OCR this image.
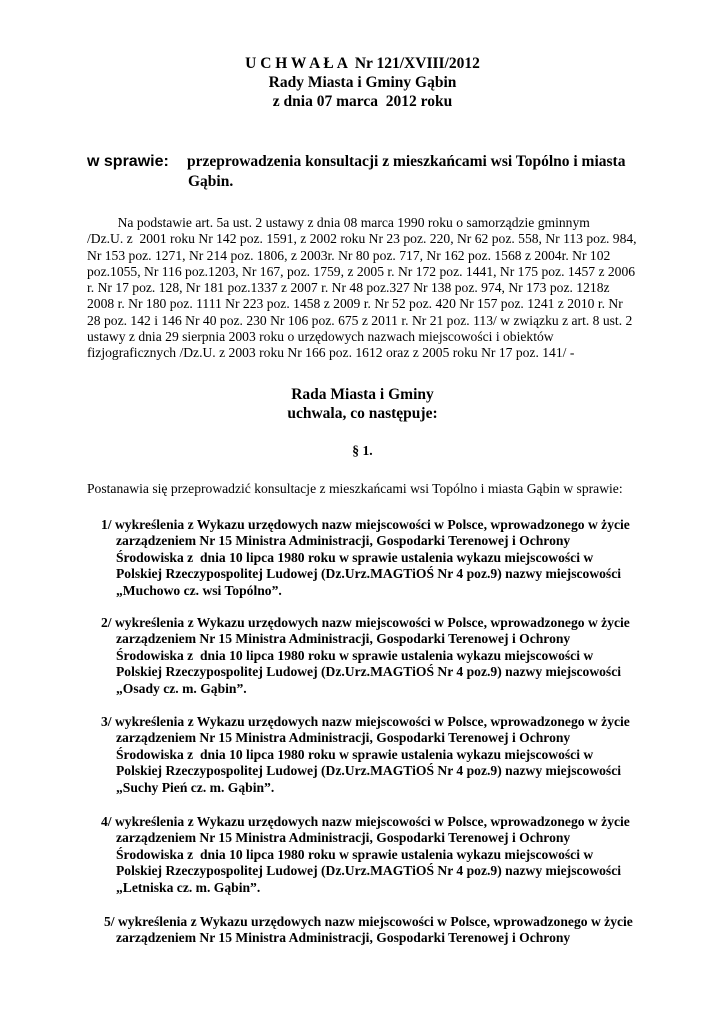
U C H W A Ł A  Nr 121/XVIII/2012
Rady Miasta i Gminy Gąbin
z dnia 07 marca  2012 roku
w sprawie: przeprowadzenia konsultacji z mieszkańcami wsi Topólno i miasta
Gąbin.
Na podstawie art. 5a ust. 2 ustawy z dnia 08 marca 1990 roku o samorządzie gminnym
/Dz.U. z  2001 roku Nr 142 poz. 1591, z 2002 roku Nr 23 poz. 220, Nr 62 poz. 558, Nr 113 poz. 984,
Nr 153 poz. 1271, Nr 214 poz. 1806, z 2003r. Nr 80 poz. 717, Nr 162 poz. 1568 z 2004r. Nr 102
poz.1055, Nr 116 poz.1203, Nr 167, poz. 1759, z 2005 r. Nr 172 poz. 1441, Nr 175 poz. 1457 z 2006
r. Nr 17 poz. 128, Nr 181 poz.1337 z 2007 r. Nr 48 poz.327 Nr 138 poz. 974, Nr 173 poz. 1218z
2008 r. Nr 180 poz. 1111 Nr 223 poz. 1458 z 2009 r. Nr 52 poz. 420 Nr 157 poz. 1241 z 2010 r. Nr
28 poz. 142 i 146 Nr 40 poz. 230 Nr 106 poz. 675 z 2011 r. Nr 21 poz. 113/ w związku z art. 8 ust. 2
ustawy z dnia 29 sierpnia 2003 roku o urzędowych nazwach miejscowości i obiektów
fizjograficznych /Dz.U. z 2003 roku Nr 166 poz. 1612 oraz z 2005 roku Nr 17 poz. 141/ -
Rada Miasta i Gminy
uchwala, co następuje:
§ 1.
Postanawia się przeprowadzić konsultacje z mieszkańcami wsi Topólno i miasta Gąbin w sprawie:
1/ wykreślenia z Wykazu urzędowych nazw miejscowości w Polsce, wprowadzonego w życie
zarządzeniem Nr 15 Ministra Administracji, Gospodarki Terenowej i Ochrony
Środowiska z  dnia 10 lipca 1980 roku w sprawie ustalenia wykazu miejscowości w
Polskiej Rzeczypospolitej Ludowej (Dz.Urz.MAGTiOŚ Nr 4 poz.9) nazwy miejscowości
„Muchowo cz. wsi Topólno”.
2/ wykreślenia z Wykazu urzędowych nazw miejscowości w Polsce, wprowadzonego w życie
zarządzeniem Nr 15 Ministra Administracji, Gospodarki Terenowej i Ochrony
Środowiska z  dnia 10 lipca 1980 roku w sprawie ustalenia wykazu miejscowości w
Polskiej Rzeczypospolitej Ludowej (Dz.Urz.MAGTiOŚ Nr 4 poz.9) nazwy miejscowości
„Osady cz. m. Gąbin”.
3/ wykreślenia z Wykazu urzędowych nazw miejscowości w Polsce, wprowadzonego w życie
zarządzeniem Nr 15 Ministra Administracji, Gospodarki Terenowej i Ochrony
Środowiska z  dnia 10 lipca 1980 roku w sprawie ustalenia wykazu miejscowości w
Polskiej Rzeczypospolitej Ludowej (Dz.Urz.MAGTiOŚ Nr 4 poz.9) nazwy miejscowości
„Suchy Pień cz. m. Gąbin”.
4/ wykreślenia z Wykazu urzędowych nazw miejscowości w Polsce, wprowadzonego w życie
zarządzeniem Nr 15 Ministra Administracji, Gospodarki Terenowej i Ochrony
Środowiska z  dnia 10 lipca 1980 roku w sprawie ustalenia wykazu miejscowości w
Polskiej Rzeczypospolitej Ludowej (Dz.Urz.MAGTiOŚ Nr 4 poz.9) nazwy miejscowości
„Letniska cz. m. Gąbin”.
5/ wykreślenia z Wykazu urzędowych nazw miejscowości w Polsce, wprowadzonego w życie
zarządzeniem Nr 15 Ministra Administracji, Gospodarki Terenowej i Ochrony
